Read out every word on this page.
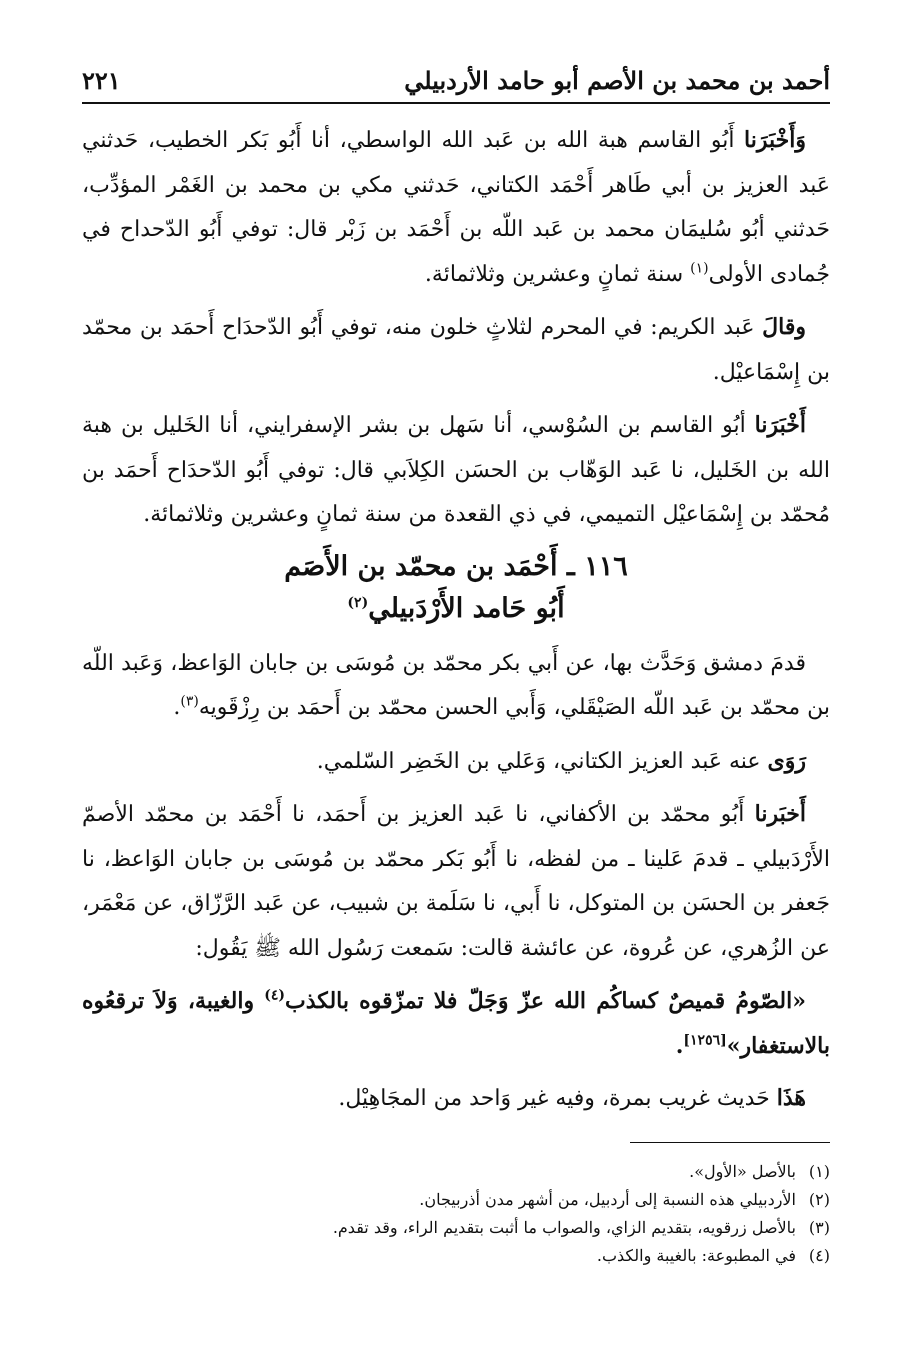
أحمد بن محمد بن الأصم أبو حامد الأردبيلي
٢٢١

وَأَخْبَرَنا أَبُو القاسم هبة الله بن عَبد الله الواسطي، أنا أَبُو بَكر الخطيب، حَدثني عَبد العزيز بن أبي طَاهر أَحْمَد الكتاني، حَدثني مكي بن محمد بن الغَمْر المؤدِّب، حَدثني أبُو سُليمَان محمد بن عَبد اللّه بن أَحْمَد بن زَبْر قال: توفي أَبُو الدّحداح في جُمادى الأولى$^{(١)}$ سنة ثمانٍ وعشرين وثلاثمائة.

وقالَ عَبد الكريم: في المحرم لثلاثٍ خلون منه، توفي أَبُو الدّحدَاح أَحمَد بن محمّد بن إِسْمَاعيْل.

أَخْبَرَنا أبُو القاسم بن السُوْسي، أنا سَهل بن بشر الإسفرايني، أنا الخَليل بن هبة الله بن الخَليل، نا عَبد الوَهّاب بن الحسَن الكِلاَبي قال: توفي أَبُو الدّحدَاح أَحمَد بن مُحمّد بن إِسْمَاعيْل التميمي، في ذي القعدة من سنة ثمانٍ وعشرين وثلاثمائة.

١١٦ ـ أَحْمَد بن محمّد بن الأَصَم
أَبُو حَامد الأَرْدَبيلي$^{(٢)}$

قدمَ دمشق وَحَدَّث بها، عن أَبي بكر محمّد بن مُوسَى بن جابان الوَاعظ، وَعَبد اللّه بن محمّد بن عَبد اللّه الصَيْقَلي، وَأَبي الحسن محمّد بن أَحمَد بن رِزْقَويه$^{(٣)}$.

رَوَى عنه عَبد العزيز الكتاني، وَعَلي بن الخَضِر السّلمي.

أَخبَرنا أَبُو محمّد بن الأكفاني، نا عَبد العزيز بن أَحمَد، نا أَحْمَد بن محمّد الأصمّ الأَرْدَبيلي ـ قدمَ عَلينا ـ من لفظه، نا أَبُو بَكر محمّد بن مُوسَى بن جابان الوَاعظ، نا جَعفر بن الحسَن بن المتوكل، نا أَبي، نا سَلَمة بن شبيب، عن عَبد الرَّزّاق، عن مَعْمَر، عن الزُهري، عن عُروة، عن عائشة قالت: سَمعت رَسُول الله ﷺ يَقُول:

«الصّومُ قميصٌ كساكُم الله عزّ وَجَلّ فلا تمزّقوه بالكذب$^{(٤)}$ والغيبة، وَلاَ ترقعُوه بالاستغفار»[١٢٥٦].

هَذَا حَديث غريب بمرة، وفيه غير وَاحد من المجَاهِيْل.

(١)بالأصل «الأول».

(٢)الأردبيلي هذه النسبة إلى أردبيل، من أشهر مدن أذربيجان.

(٣)بالأصل زرقويه، بتقديم الزاي، والصواب ما أثبت بتقديم الراء، وقد تقدم.

(٤)في المطبوعة: بالغيبة والكذب.
